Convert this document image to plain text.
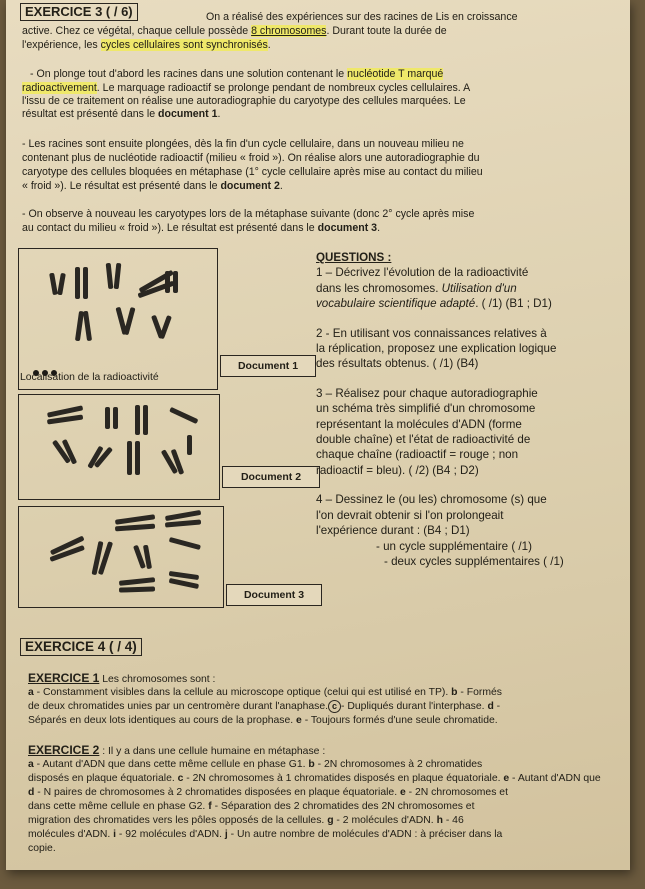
EXERCICE 3 ( / 6)	On a réalisé des expériences sur des racines de Lis en croissance
active. Chez ce végétal, chaque cellule possède 8 chromosomes. Durant toute la durée de
l'expérience, les cycles cellulaires sont synchronisés.
- On plonge tout d'abord les racines dans une solution contenant le nucléotide T marqué
radioactivement. Le marquage radioactif se prolonge pendant de nombreux cycles cellulaires. A
l'issu de ce traitement on réalise une autoradiographie du caryotype des cellules marquées. Le
résultat est présenté dans le document 1.
- Les racines sont ensuite plongées, dès la fin d'un cycle cellulaire, dans un nouveau milieu ne
contenant plus de nucléotide radioactif (milieu « froid »). On réalise alors une autoradiographie du
caryotype des cellules bloquées en métaphase (1° cycle cellulaire après mise au contact du milieu
« froid »). Le résultat est présenté dans le document 2.
- On observe à nouveau les caryotypes lors de la métaphase suivante (donc 2° cycle après mise
au contact du milieu « froid »). Le résultat est présenté dans le document 3.
Localisation de la radioactivité
Document 1
Document 2
Document 3
QUESTIONS :
1 – Décrivez l'évolution de la radioactivité
dans les chromosomes. Utilisation d'un
vocabulaire scientifique adapté. ( /1) (B1 ; D1)
2 - En utilisant vos connaissances relatives à
la réplication, proposez une explication logique
des résultats obtenus. ( /1) (B4)
3 – Réalisez pour chaque autoradiographie
un schéma très simplifié d'un chromosome
représentant la molécules d'ADN (forme
double chaîne) et l'état de radioactivité de
chaque chaîne (radioactif = rouge ; non
radioactif = bleu). ( /2) (B4 ; D2)
4 – Dessinez le (ou les) chromosome (s) que
l'on devrait obtenir si l'on prolongeait
l'expérience durant : (B4 ; D1)
- un cycle supplémentaire ( /1)
- deux cycles supplémentaires ( /1)
EXERCICE 4 ( / 4)
EXERCICE 1 Les chromosomes sont :
a - Constamment visibles dans la cellule au microscope optique (celui qui est utilisé en TP). b - Formés
de deux chromatides unies par un centromère durant l'anaphase. c - Dupliqués durant l'interphase. d -
Séparés en deux lots identiques au cours de la prophase. e - Toujours formés d'une seule chromatide.
EXERCICE 2 : Il y a dans une cellule humaine en métaphase :
a - Autant d'ADN que dans cette même cellule en phase G1. b - 2N chromosomes à 2 chromatides
disposés en plaque équatoriale. c - 2N chromosomes à 1 chromatides disposés en plaque équatoriale. e - Autant d'ADN que
d - N paires de chromosomes à 2 chromatides disposées en plaque équatoriale. e - 2N chromosomes et
dans cette même cellule en phase G2. f - Séparation des 2 chromatides des 2N chromosomes et
migration des chromatides vers les pôles opposés de la cellules. g - 2 molécules d'ADN. h - 46
molécules d'ADN. i - 92 molécules d'ADN. j - Un autre nombre de molécules d'ADN : à préciser dans la
copie.
